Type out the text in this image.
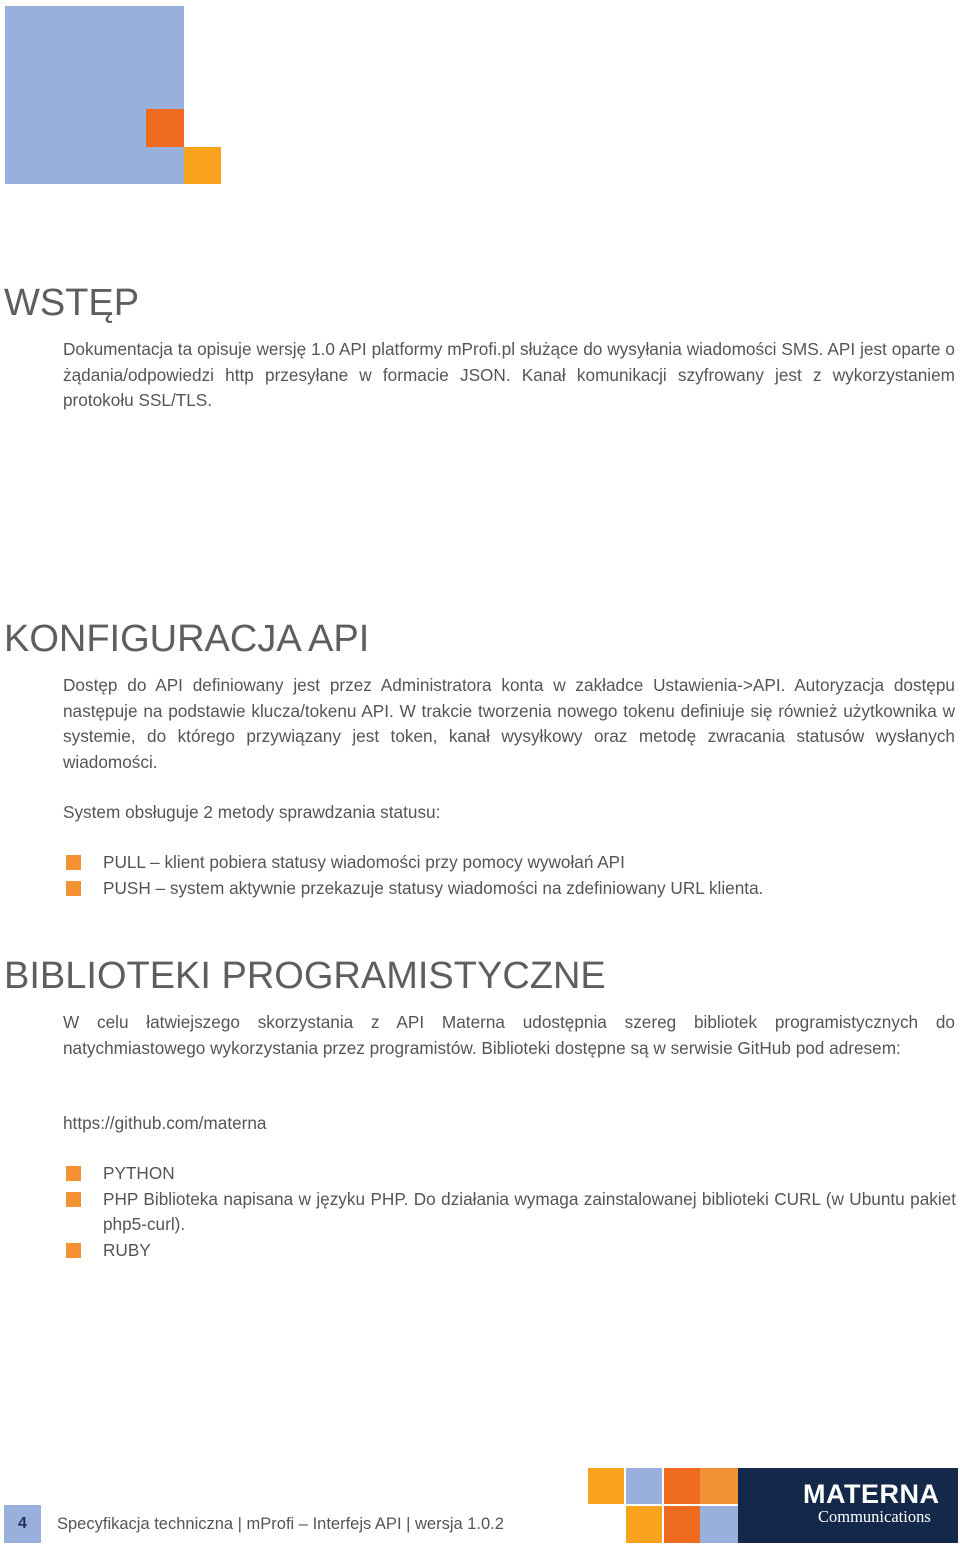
WSTĘP

Dokumentacja ta opisuje wersję 1.0 API platformy mProfi.pl służące do wysyłania wiadomości SMS. API jest oparte o żądania/odpowiedzi http przesyłane w formacie JSON. Kanał komunikacji szyfrowany jest z wykorzystaniem protokołu SSL/TLS.

KONFIGURACJA API

Dostęp do API definiowany jest przez Administratora konta w zakładce Ustawienia->API. Autoryzacja dostępu następuje na podstawie klucza/tokenu API. W trakcie tworzenia nowego tokenu definiuje się również użytkownika w systemie, do którego przywiązany jest token, kanał wysyłkowy oraz metodę zwracania statusów wysłanych wiadomości.

System obsługuje 2 metody sprawdzania statusu:

PULL – klient pobiera statusy wiadomości przy pomocy wywołań API
PUSH – system aktywnie przekazuje statusy wiadomości na zdefiniowany URL klienta.
BIBLIOTEKI PROGRAMISTYCZNE

W celu łatwiejszego skorzystania z API Materna udostępnia szereg bibliotek programistycznych do natychmiastowego wykorzystania przez programistów. Biblioteki dostępne są w serwisie GitHub pod adresem:

https://github.com/materna

PYTHON
PHP Biblioteka napisana w języku PHP. Do działania wymaga zainstalowanej biblioteki CURL (w Ubuntu pakiet php5-curl).
RUBY
4	Specyfikacja techniczna | mProfi – Interfejs API | wersja 1.0.2
MATERNA
Communications
